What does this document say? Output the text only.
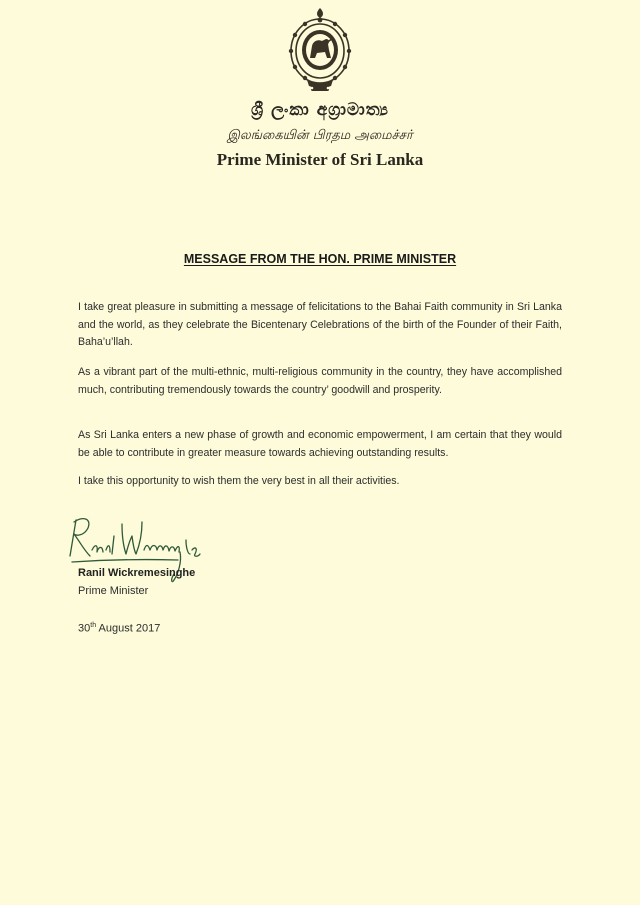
ශ්‍රී ලංකා අග්‍රාමාත්‍ය
இலங்கையின் பிரதம அமைச்சர்
Prime Minister of Sri Lanka
MESSAGE FROM THE HON. PRIME MINISTER

I take great pleasure in submitting a message of felicitations to the Bahai Faith community in Sri Lanka and the world, as they celebrate the Bicentenary Celebrations of the birth of the Founder of their Faith, Baha’u’llah.

As a vibrant part of the multi-ethnic, multi-religious community in the country, they have accomplished much, contributing tremendously towards the country’ goodwill and prosperity.

As Sri Lanka enters a new phase of growth and economic empowerment, I am certain that they would be able to contribute in greater measure towards achieving outstanding results.

I take this opportunity to wish them the very best in all their activities.

Ranil Wickremesinghe
Prime Minister
30th August 2017
